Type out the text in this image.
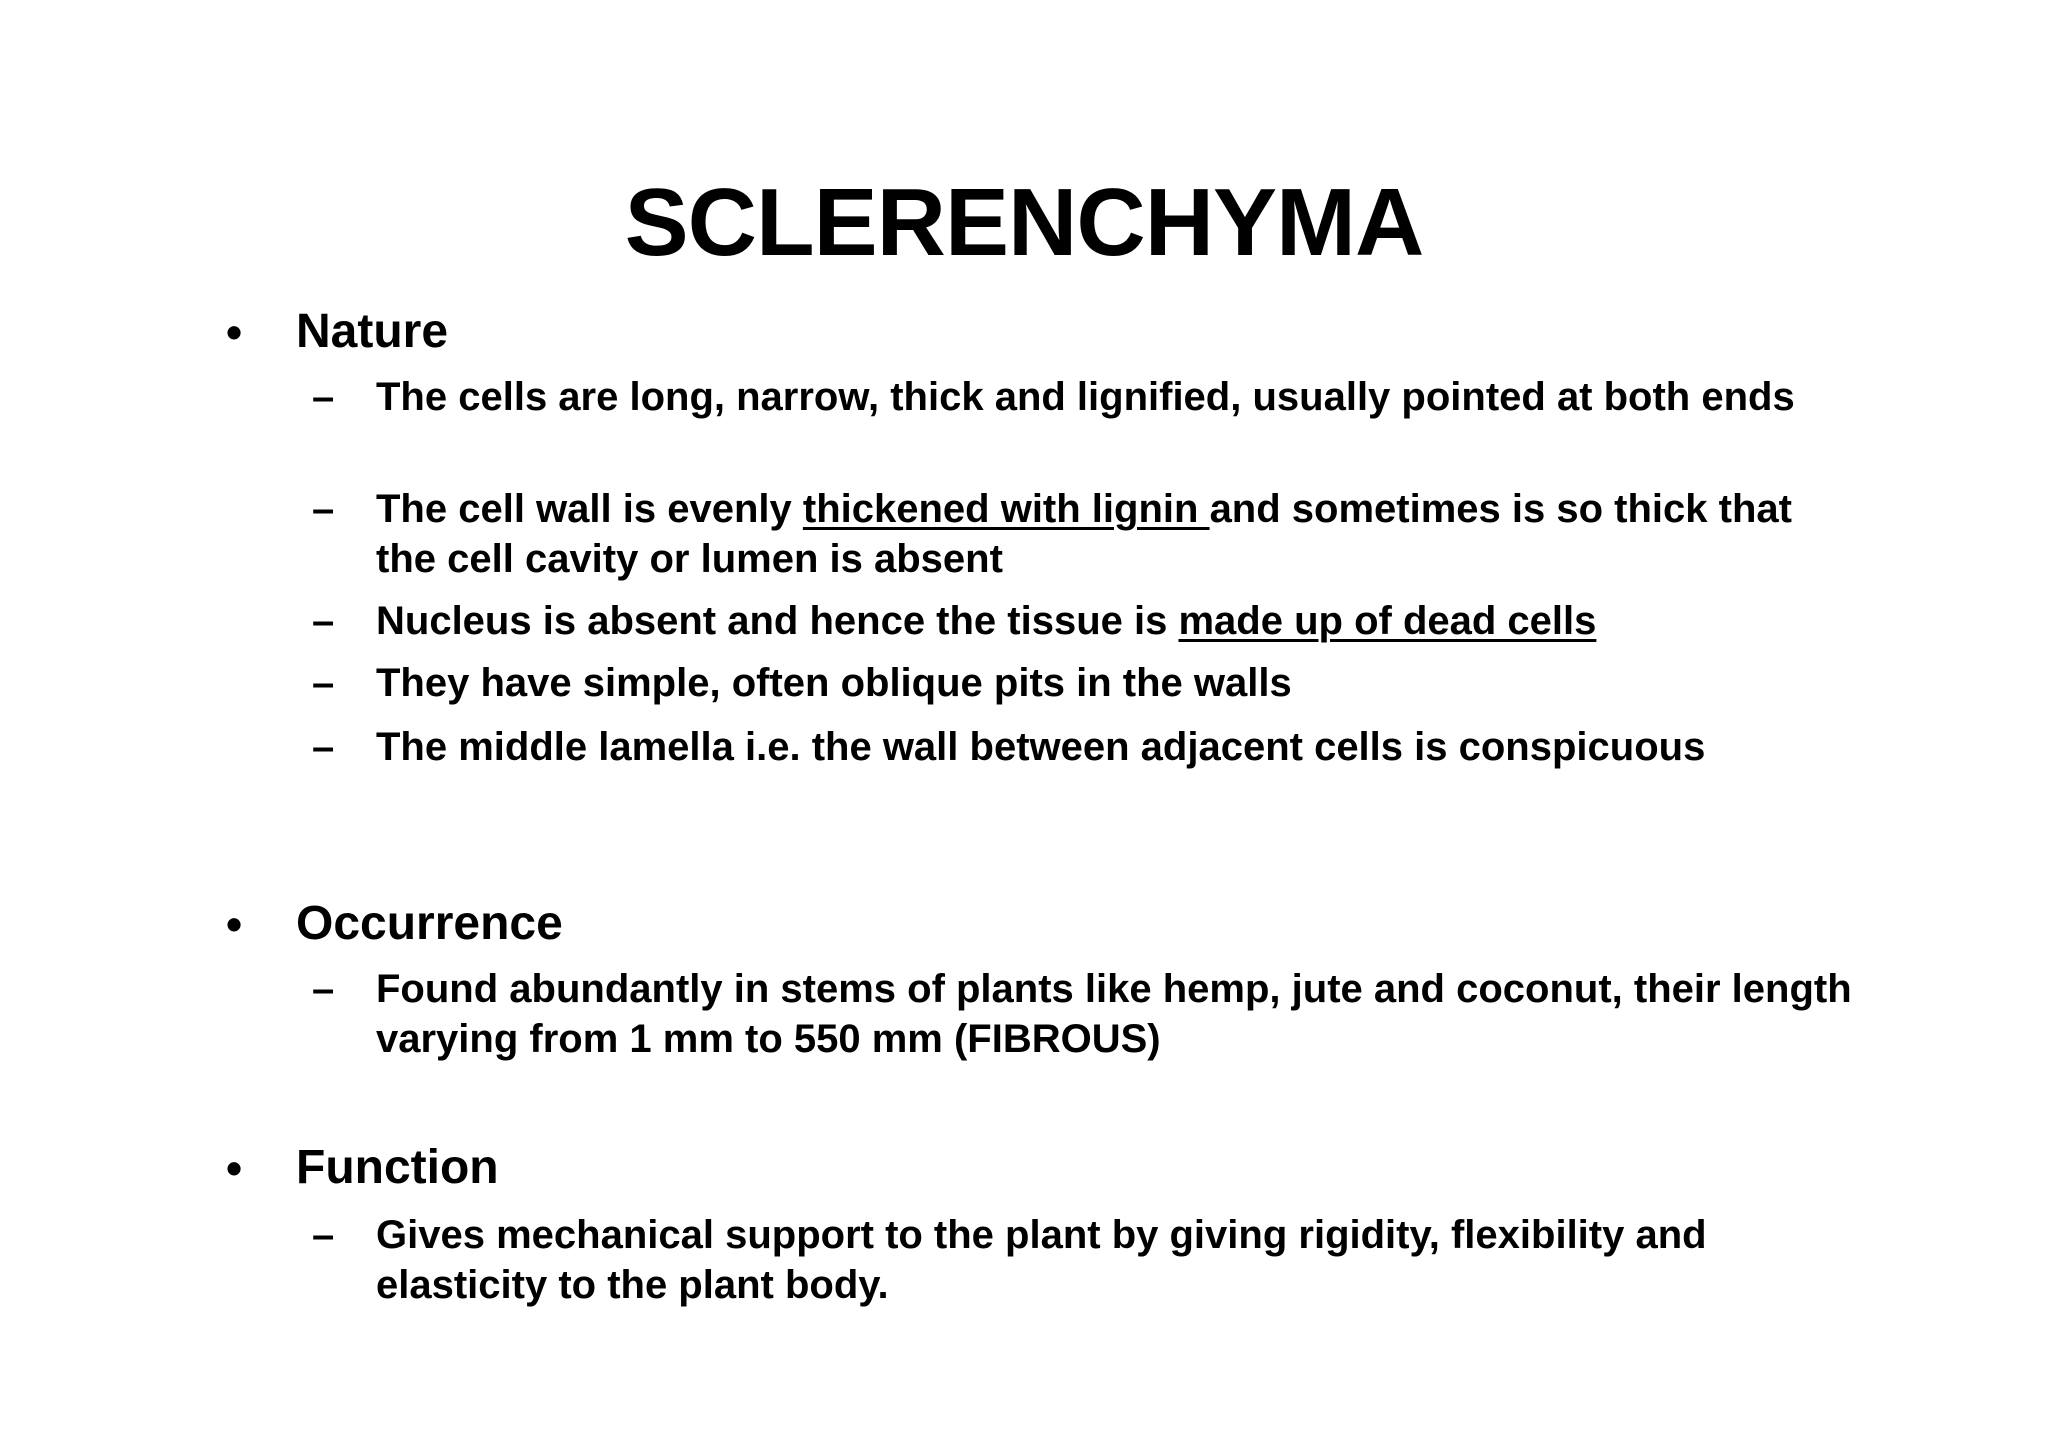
SCLERENCHYMA
• Nature
– The cells are long, narrow, thick and lignified, usually pointed at both ends
– The cell wall is evenly thickened with lignin and sometimes is so thick that the cell cavity or lumen is absent
– Nucleus is absent and hence the tissue is made up of dead cells
– They have simple, often oblique pits in the walls
– The middle lamella i.e. the wall between adjacent cells is conspicuous
• Occurrence
– Found abundantly in stems of plants like hemp, jute and coconut, their length varying from 1 mm to 550 mm (FIBROUS)
• Function
– Gives mechanical support to the plant by giving rigidity, flexibility and elasticity to the plant body.
